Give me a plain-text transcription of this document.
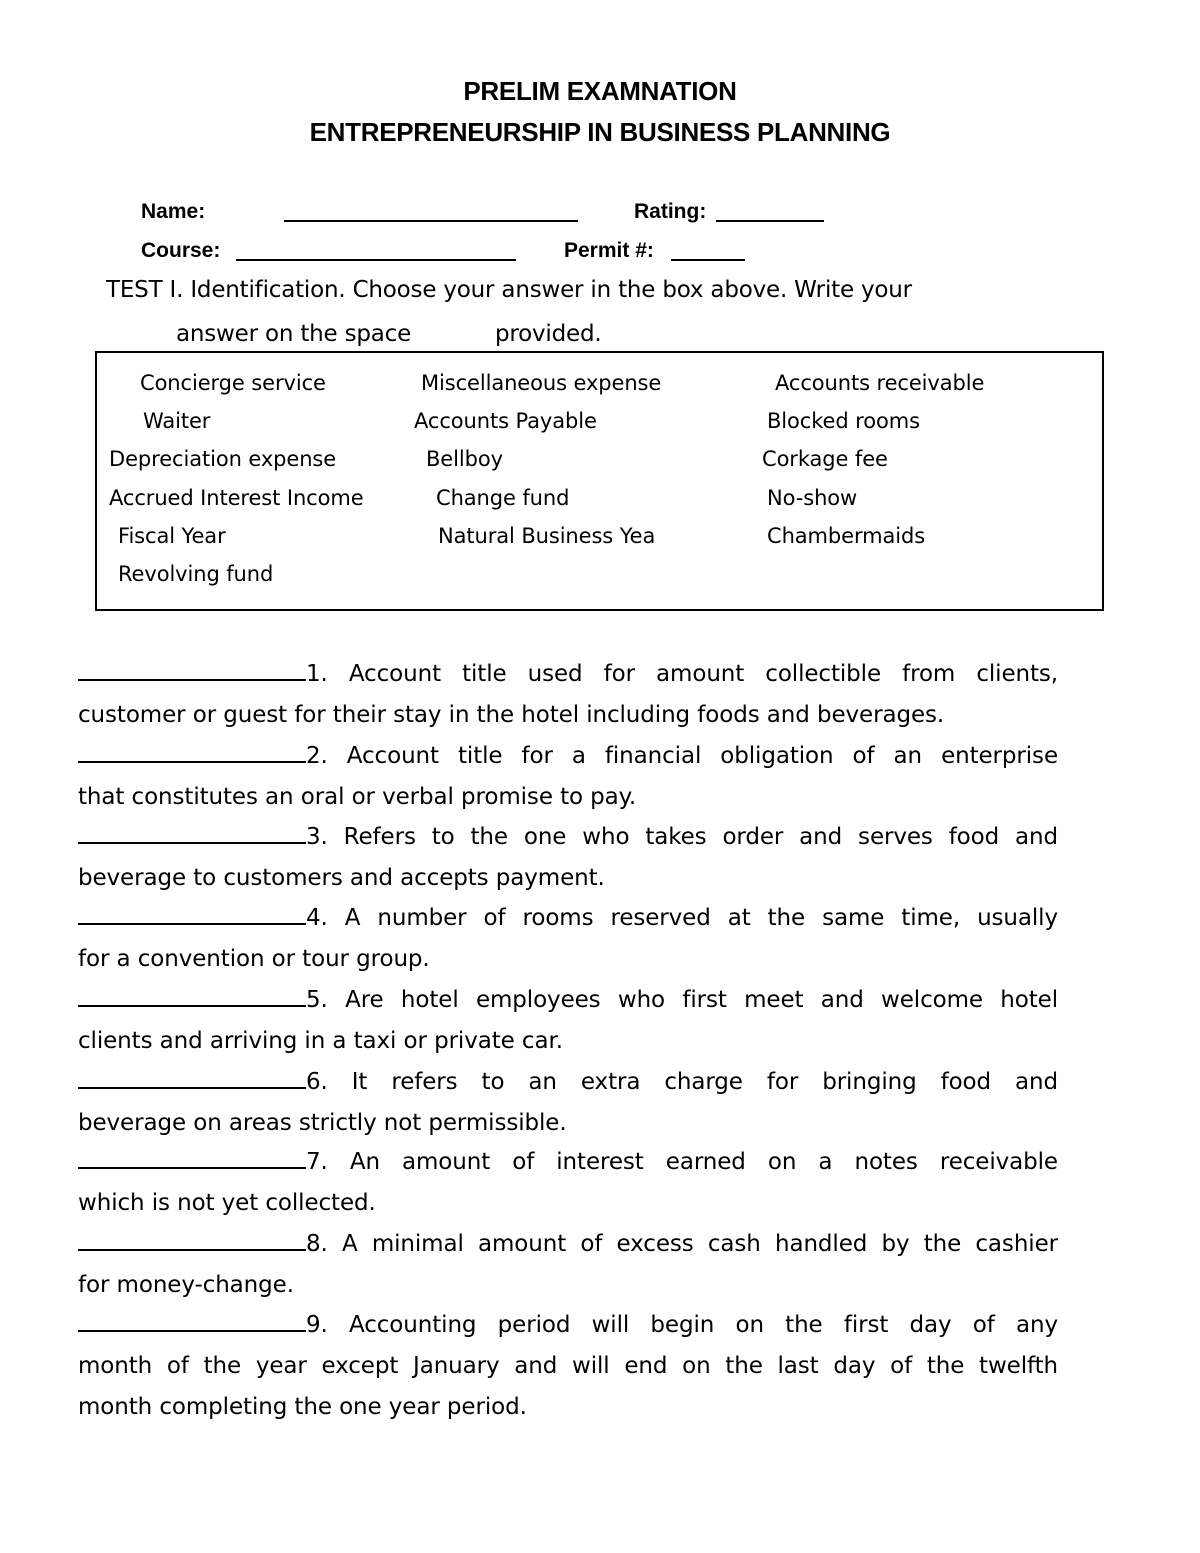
PRELIM EXAMNATION
ENTREPRENEURSHIP IN BUSINESS PLANNING
Name:	Rating:
Course:	Permit #:
TEST I. Identification. Choose your answer in the box above. Write your
answer on the space	provided.
Concierge service	Miscellaneous expense	Accounts receivable
Waiter	Accounts Payable	Blocked rooms
Depreciation expense	Bellboy	Corkage fee
Accrued Interest Income	Change fund	No-show
Fiscal Year	Natural Business Yea	Chambermaids
Revolving fund
1. Account title used for amount collectible from clients,
customer or guest for their stay in the hotel including foods and beverages.
2. Account title for a financial obligation of an enterprise
that constitutes an oral or verbal promise to pay.
3. Refers to the one who takes order and serves food and
beverage to customers and accepts payment.
4. A number of rooms reserved at the same time, usually
for a convention or tour group.
5. Are hotel employees who first meet and welcome hotel
clients and arriving in a taxi or private car.
6. It refers to an extra charge for bringing food and
beverage on areas strictly not permissible.
7. An amount of interest earned on a notes receivable
which is not yet collected.
8. A minimal amount of excess cash handled by the cashier
for money-change.
9. Accounting period will begin on the first day of any
month of the year except January and will end on the last day of the twelfth
month completing the one year period.
